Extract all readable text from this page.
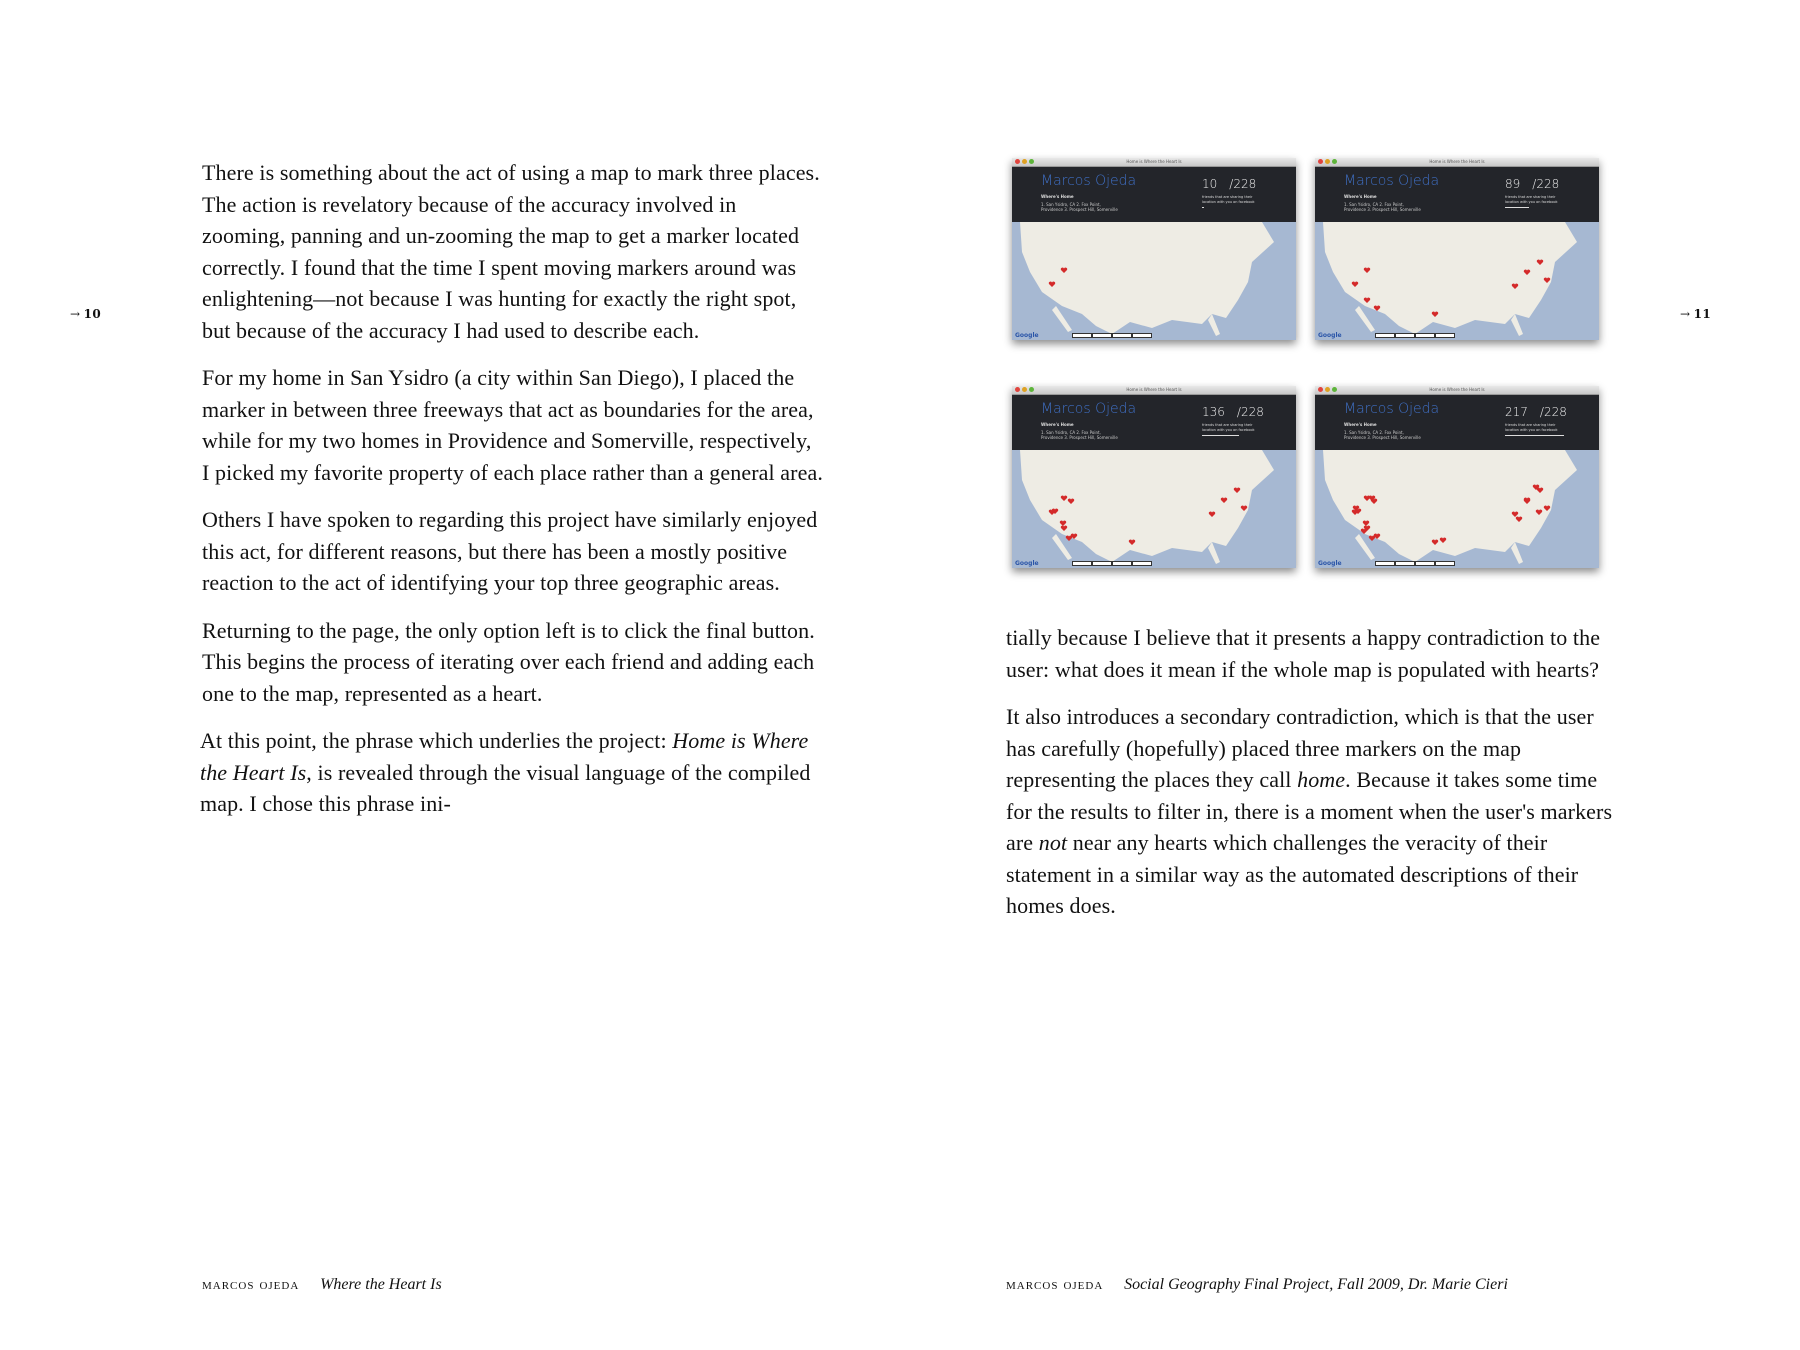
→ 10

There is something about the act of using a map to mark three places. The action is revelatory because of the accuracy involved in zooming, panning and un-zooming the map to get a marker located correctly. I found that the time I spent moving markers around was enlightening—not because I was hunting for exactly the right spot, but because of the accuracy I had used to describe each.

For my home in San Ysidro (a city within San Diego), I placed the marker in between three freeways that act as boundaries for the area, while for my two homes in Providence and Somerville, respectively, I picked my favorite property of each place rather than a general area.

Others I have spoken to regarding this project have similarly enjoyed this act, for different reasons, but there has been a mostly positive reaction to the act of identifying your top three geographic areas.

Returning to the page, the only option left is to click the final button. This begins the process of iterating over each friend and adding each one to the map, represented as a heart.

At this point, the phrase which underlies the project: Home is Where the Heart Is, is revealed through the visual language of the compiled map. I chose this phrase ini-

marcos ojeda Where the Heart Is
→ 11
Home is Where the Heart Is
Marcos Ojeda
Where's Home
1. San Ysidro, CA 2. Fox Point, Providence 3. Prospect Hill, Somerville
10 /228
friends that are sharing their location with you on facebook
Google
Home is Where the Heart Is
Marcos Ojeda
Where's Home
1. San Ysidro, CA 2. Fox Point, Providence 3. Prospect Hill, Somerville
89 /228
friends that are sharing their location with you on facebook
Google
Home is Where the Heart Is
Marcos Ojeda
Where's Home
1. San Ysidro, CA 2. Fox Point, Providence 3. Prospect Hill, Somerville
136 /228
friends that are sharing their location with you on facebook
Google
Home is Where the Heart Is
Marcos Ojeda
Where's Home
1. San Ysidro, CA 2. Fox Point, Providence 3. Prospect Hill, Somerville
217 /228
friends that are sharing their location with you on facebook
Google

tially because I believe that it presents a happy contradiction to the user: what does it mean if the whole map is populated with hearts?

It also introduces a secondary contradiction, which is that the user has carefully (hopefully) placed three markers on the map representing the places they call home. Because it takes some time for the results to filter in, there is a moment when the user's markers are not near any hearts which challenges the veracity of their statement in a similar way as the automated descriptions of their homes does.

marcos ojeda Social Geography Final Project, Fall 2009, Dr. Marie Cieri
